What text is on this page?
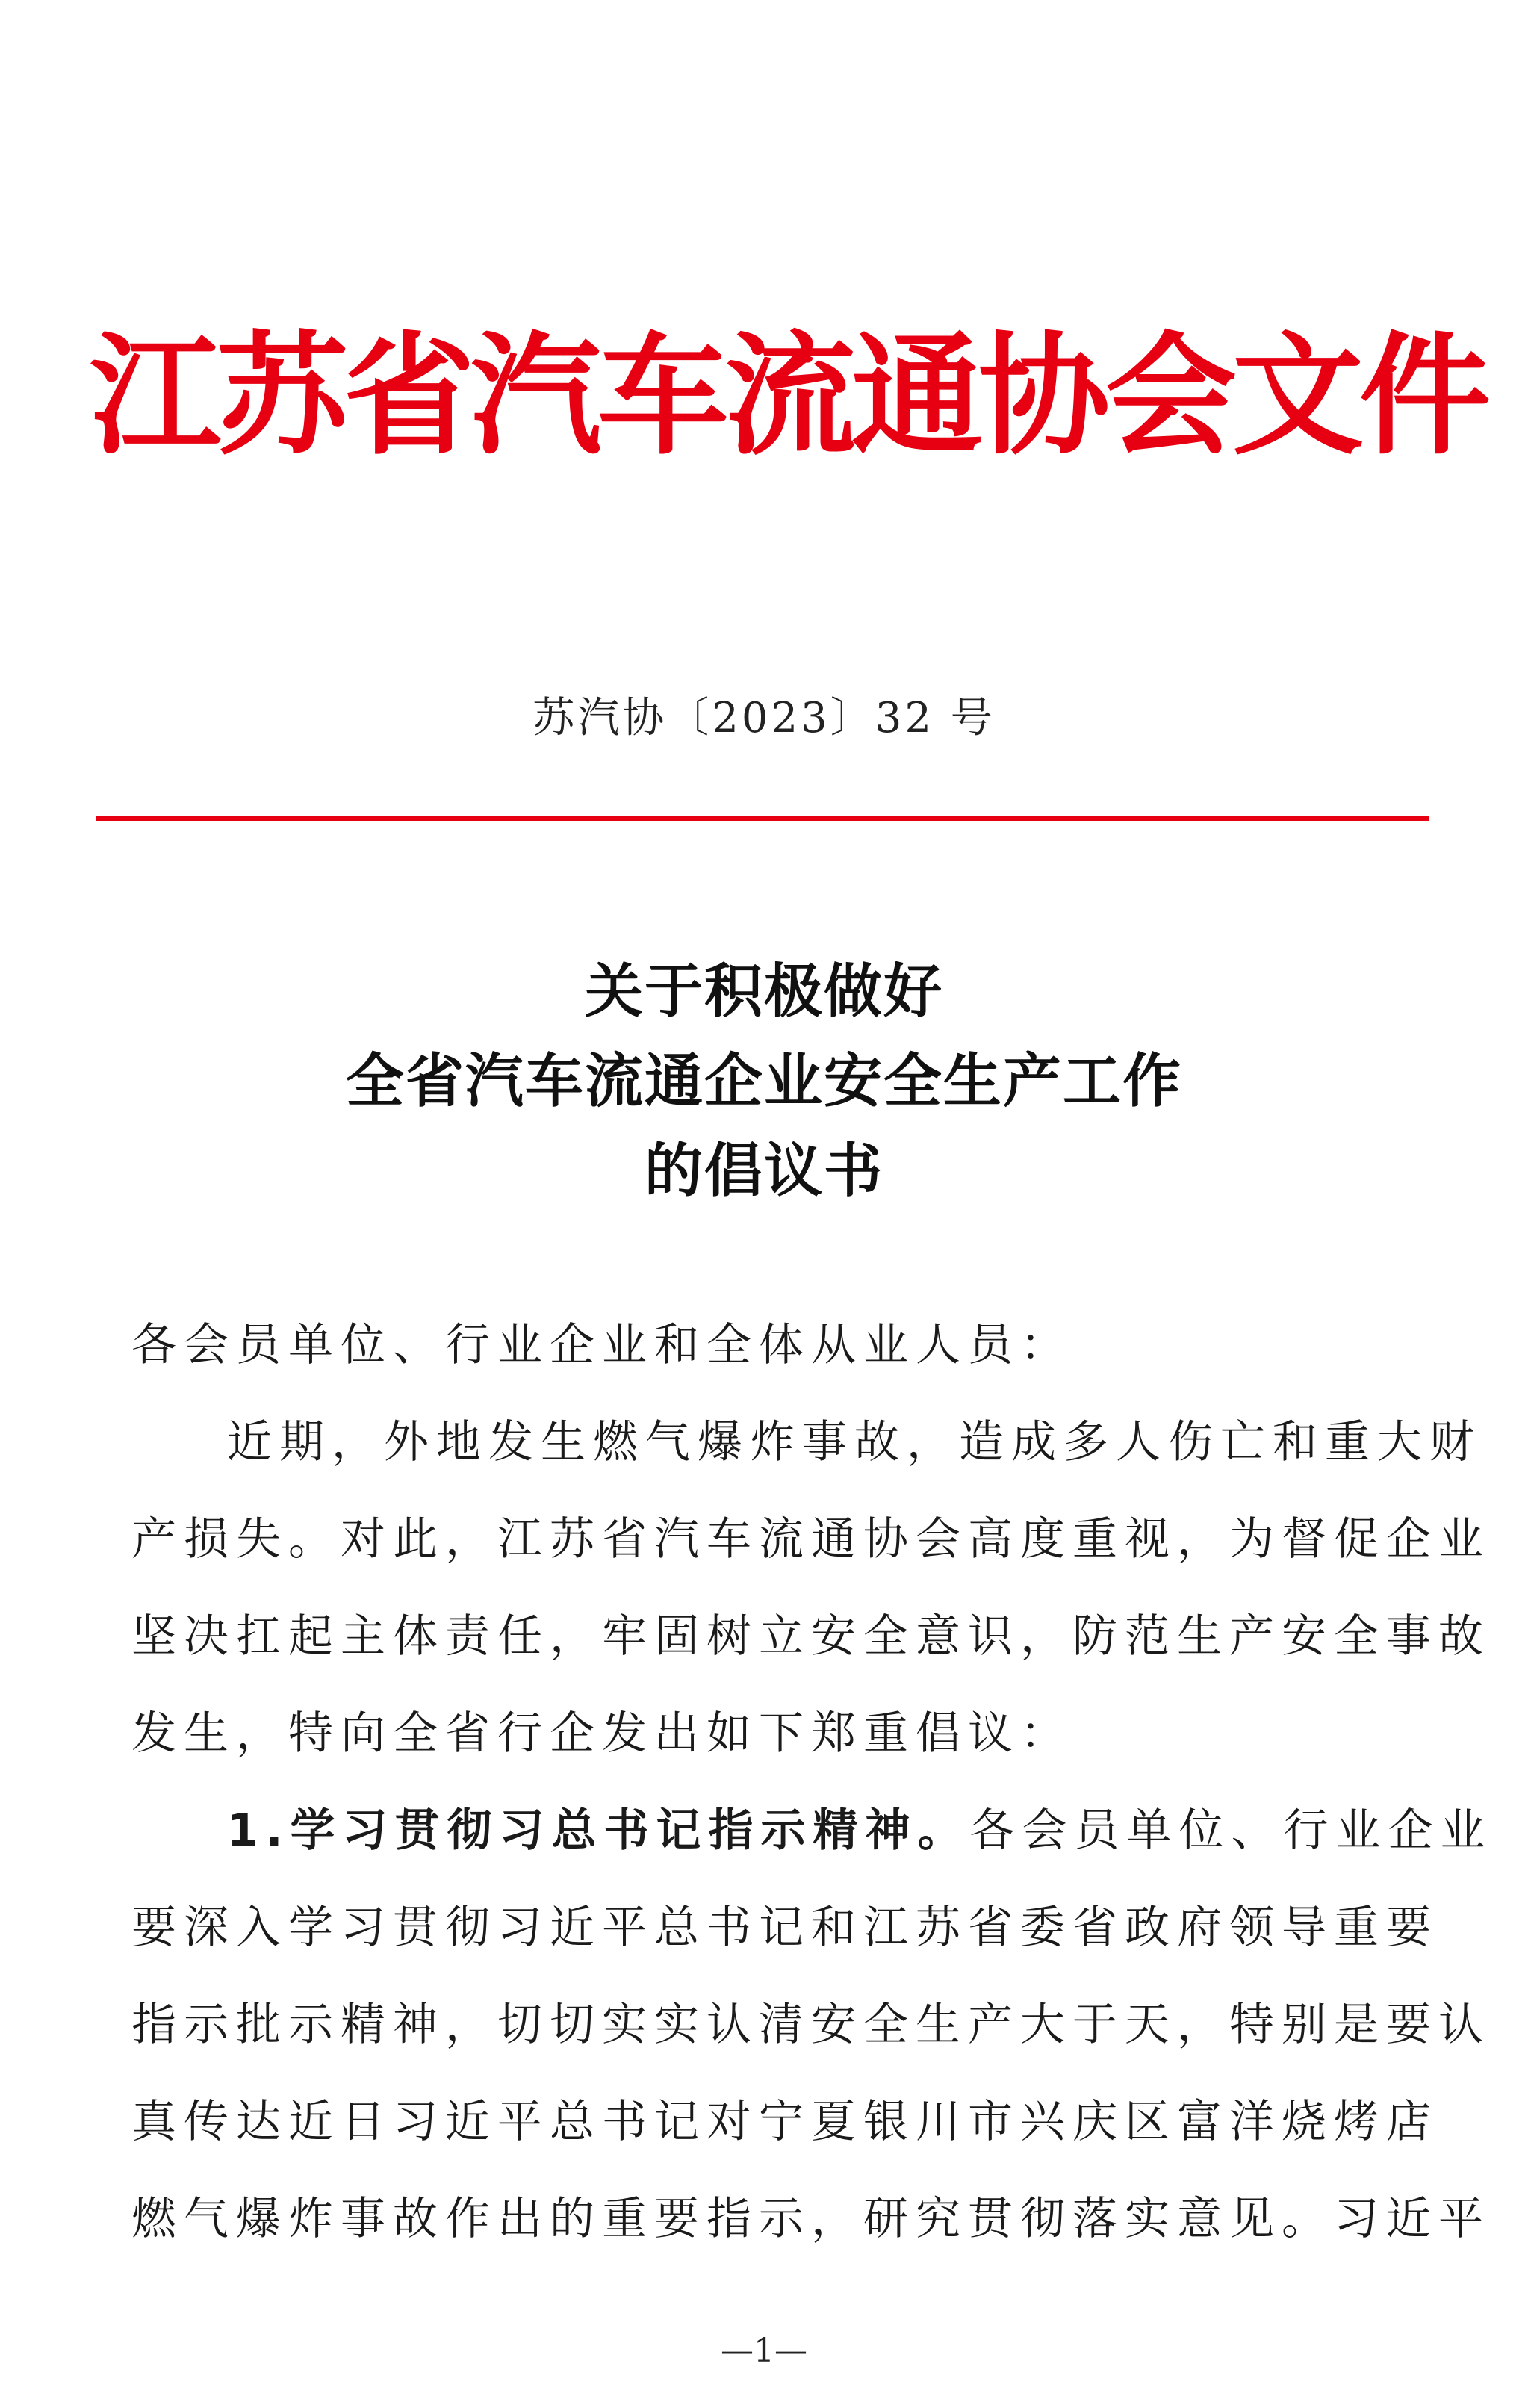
江苏省汽车流通协会文件
苏汽协〔2023〕32 号
关于积极做好
全省汽车流通企业安全生产工作
的倡议书
各会员单位、行业企业和全体从业人员：
近期，外地发生燃气爆炸事故，造成多人伤亡和重大财
产损失。对此，江苏省汽车流通协会高度重视，为督促企业
坚决扛起主体责任，牢固树立安全意识，防范生产安全事故
发生，特向全省行企发出如下郑重倡议：
1.学习贯彻习总书记指示精神。各会员单位、行业企业
要深入学习贯彻习近平总书记和江苏省委省政府领导重要
指示批示精神，切切实实认清安全生产大于天，特别是要认
真传达近日习近平总书记对宁夏银川市兴庆区富洋烧烤店
燃气爆炸事故作出的重要指示，研究贯彻落实意见。习近平
—1—
